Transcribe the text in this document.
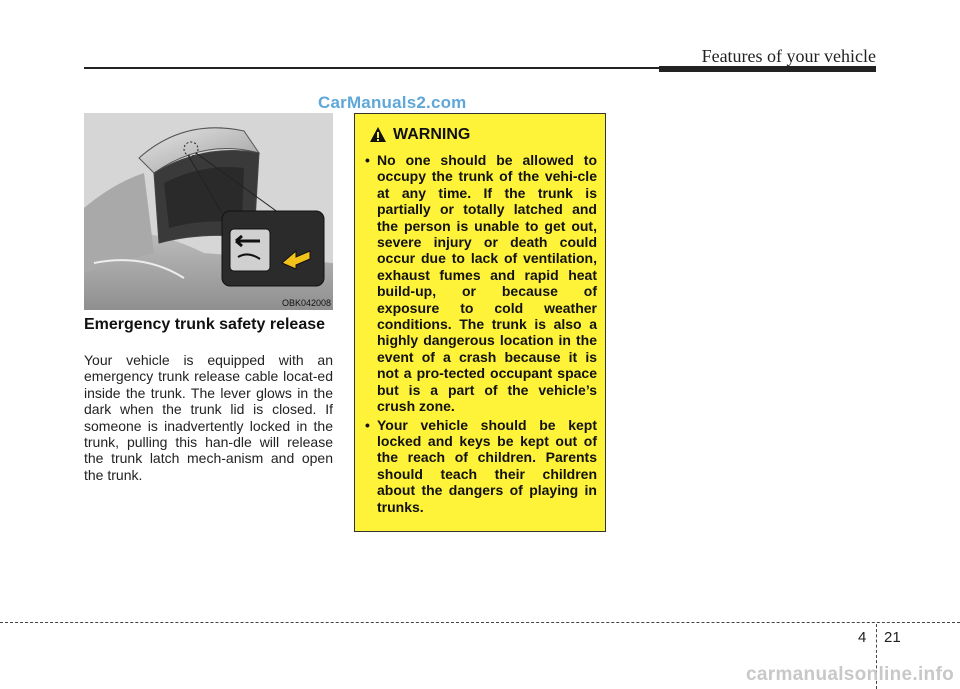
Features of your vehicle
CarManuals2.com
OBK042008
Emergency trunk safety release
Your vehicle is equipped with an emergency trunk release cable locat-ed inside the trunk. The lever glows in the dark when the trunk lid is closed. If someone is inadvertently locked in the trunk, pulling this han-dle will release the trunk latch mech-anism and open the trunk.
WARNING
• No one should be allowed to occupy the trunk of the vehi-cle at any time. If the trunk is partially or totally latched and the person is unable to get out, severe injury or death could occur due to lack of ventilation, exhaust fumes and rapid heat build-up, or because of exposure to cold weather conditions. The trunk is also a highly dangerous location in the event of a crash because it is not a pro-tected occupant space but is a part of the vehicle’s crush zone.
• Your vehicle should be kept locked and keys be kept out of the reach of children. Parents should teach their children about the dangers of playing in trunks.
4 21
carmanualsonline.info
